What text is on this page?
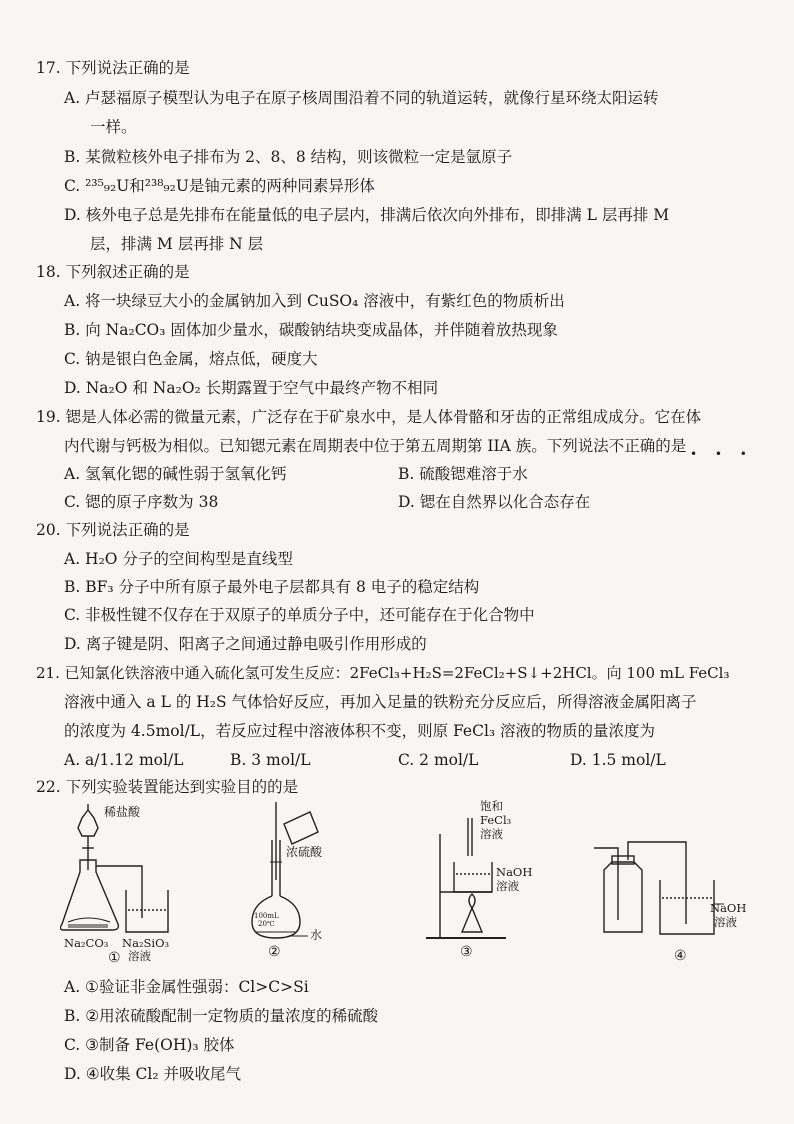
17. 下列说法正确的是
A. 卢瑟福原子模型认为电子在原子核周围沿着不同的轨道运转，就像行星环绕太阳运转
一样。
B. 某微粒核外电子排布为 2、8、8 结构，则该微粒一定是氩原子
C. ²³⁵₉₂U和²³⁸₉₂U是铀元素的两种同素异形体
D. 核外电子总是先排布在能量低的电子层内，排满后依次向外排布，即排满 L 层再排 M
层，排满 M 层再排 N 层
18. 下列叙述正确的是
A. 将一块绿豆大小的金属钠加入到 CuSO₄ 溶液中，有紫红色的物质析出
B. 向 Na₂CO₃ 固体加少量水，碳酸钠结块变成晶体，并伴随着放热现象
C. 钠是银白色金属，熔点低，硬度大
D. Na₂O 和 Na₂O₂ 长期露置于空气中最终产物不相同
19. 锶是人体必需的微量元素，广泛存在于矿泉水中，是人体骨骼和牙齿的正常组成成分。它在体
内代谢与钙极为相似。已知锶元素在周期表中位于第五周期第 IIA 族。下列说法不正确的是 • • •
A. 氢氧化锶的碱性弱于氢氧化钙	B. 硫酸锶难溶于水
C. 锶的原子序数为 38	D. 锶在自然界以化合态存在
20. 下列说法正确的是
A. H₂O 分子的空间构型是直线型
B. BF₃ 分子中所有原子最外电子层都具有 8 电子的稳定结构
C. 非极性键不仅存在于双原子的单质分子中，还可能存在于化合物中
D. 离子键是阴、阳离子之间通过静电吸引作用形成的
21. 已知氯化铁溶液中通入硫化氢可发生反应：2FeCl₃+H₂S=2FeCl₂+S↓+2HCl。向 100 mL FeCl₃
溶液中通入 a L 的 H₂S 气体恰好反应，再加入足量的铁粉充分反应后，所得溶液金属阳离子
的浓度为 4.5mol/L，若反应过程中溶液体积不变，则原 FeCl₃ 溶液的物质的量浓度为
A. a/1.12 mol/L	B. 3 mol/L	C. 2 mol/L	D. 1.5 mol/L
22. 下列实验装置能达到实验目的的是
稀盐酸
Na₂CO₃ Na₂SiO₃
溶液
①
100mL
20℃
浓硫酸
水
②
饱和
FeCl₃
溶液
NaOH
溶液
③
NaOH
溶液
④
A. ①验证非金属性强弱：Cl>C>Si
B. ②用浓硫酸配制一定物质的量浓度的稀硫酸
C. ③制备 Fe(OH)₃ 胶体
D. ④收集 Cl₂ 并吸收尾气
